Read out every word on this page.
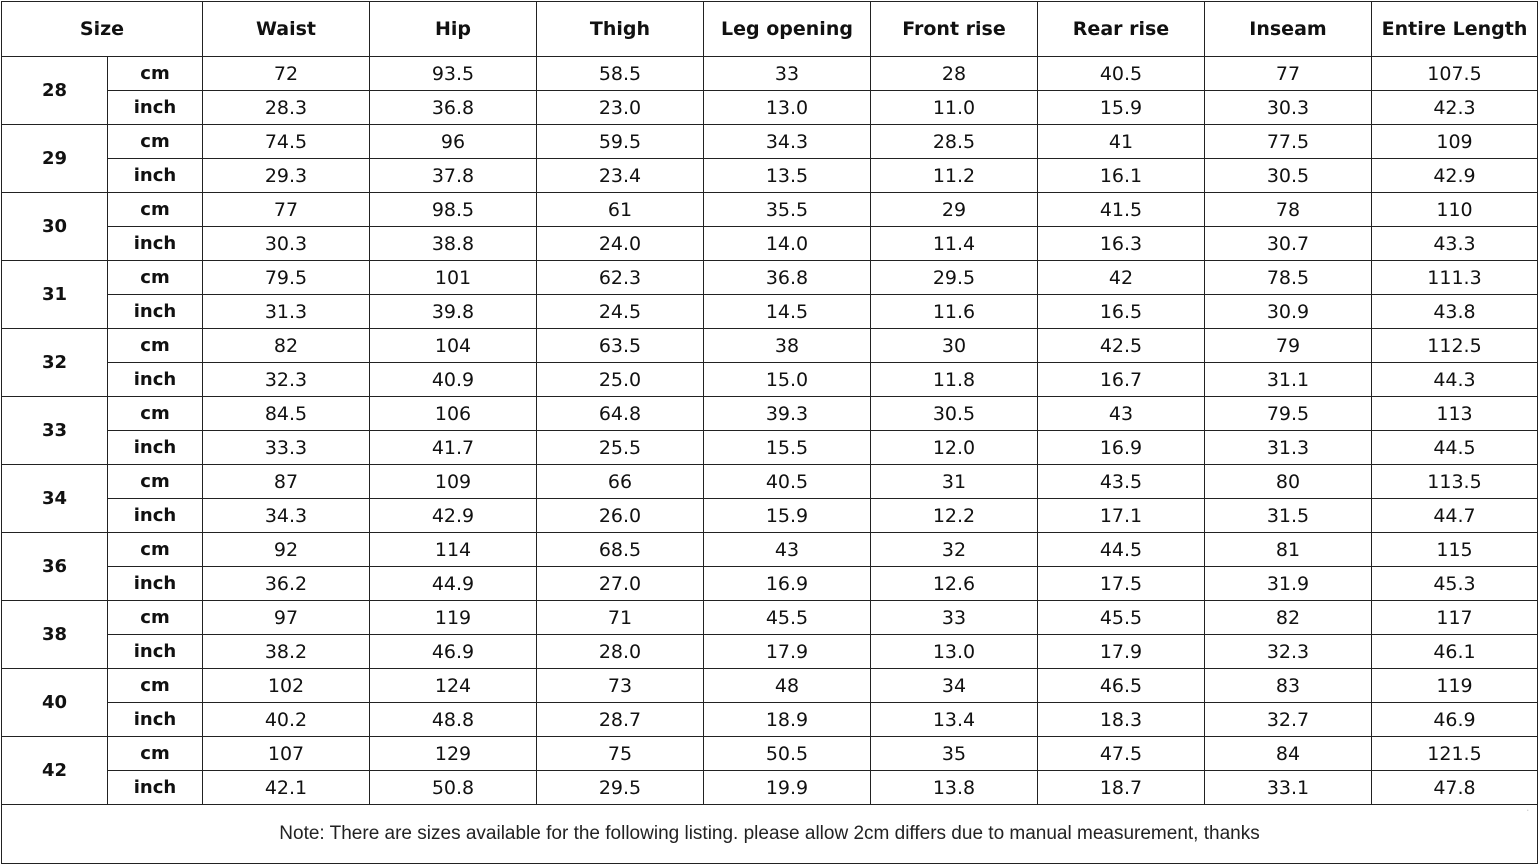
Size		Waist	Hip	Thigh	Leg opening	Front rise	Rear rise	Inseam	Entire Length
28	cm	72	93.5	58.5	33	28	40.5	77	107.5
	inch	28.3	36.8	23.0	13.0	11.0	15.9	30.3	42.3
29	cm	74.5	96	59.5	34.3	28.5	41	77.5	109
	inch	29.3	37.8	23.4	13.5	11.2	16.1	30.5	42.9
30	cm	77	98.5	61	35.5	29	41.5	78	110
	inch	30.3	38.8	24.0	14.0	11.4	16.3	30.7	43.3
31	cm	79.5	101	62.3	36.8	29.5	42	78.5	111.3
	inch	31.3	39.8	24.5	14.5	11.6	16.5	30.9	43.8
32	cm	82	104	63.5	38	30	42.5	79	112.5
	inch	32.3	40.9	25.0	15.0	11.8	16.7	31.1	44.3
33	cm	84.5	106	64.8	39.3	30.5	43	79.5	113
	inch	33.3	41.7	25.5	15.5	12.0	16.9	31.3	44.5
34	cm	87	109	66	40.5	31	43.5	80	113.5
	inch	34.3	42.9	26.0	15.9	12.2	17.1	31.5	44.7
36	cm	92	114	68.5	43	32	44.5	81	115
	inch	36.2	44.9	27.0	16.9	12.6	17.5	31.9	45.3
38	cm	97	119	71	45.5	33	45.5	82	117
	inch	38.2	46.9	28.0	17.9	13.0	17.9	32.3	46.1
40	cm	102	124	73	48	34	46.5	83	119
	inch	40.2	48.8	28.7	18.9	13.4	18.3	32.7	46.9
42	cm	107	129	75	50.5	35	47.5	84	121.5
	inch	42.1	50.8	29.5	19.9	13.8	18.7	33.1	47.8
Note: There are sizes available for the following listing. please allow 2cm differs due to manual measurement, thanks									
·
